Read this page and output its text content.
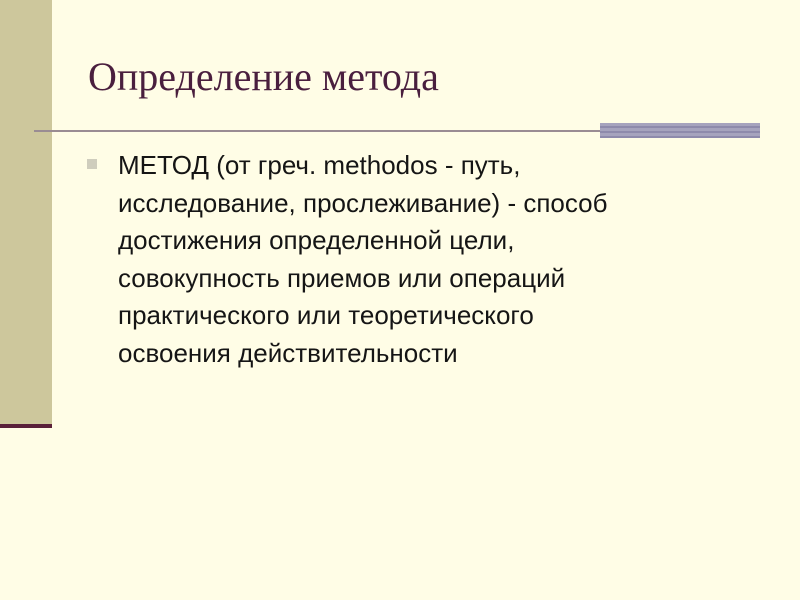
Определение метода

МЕТОД (от греч. methodos - путь,
исследование, прослеживание) - способ
достижения определенной цели,
совокупность приемов или операций
практического или теоретического
освоения действительности
